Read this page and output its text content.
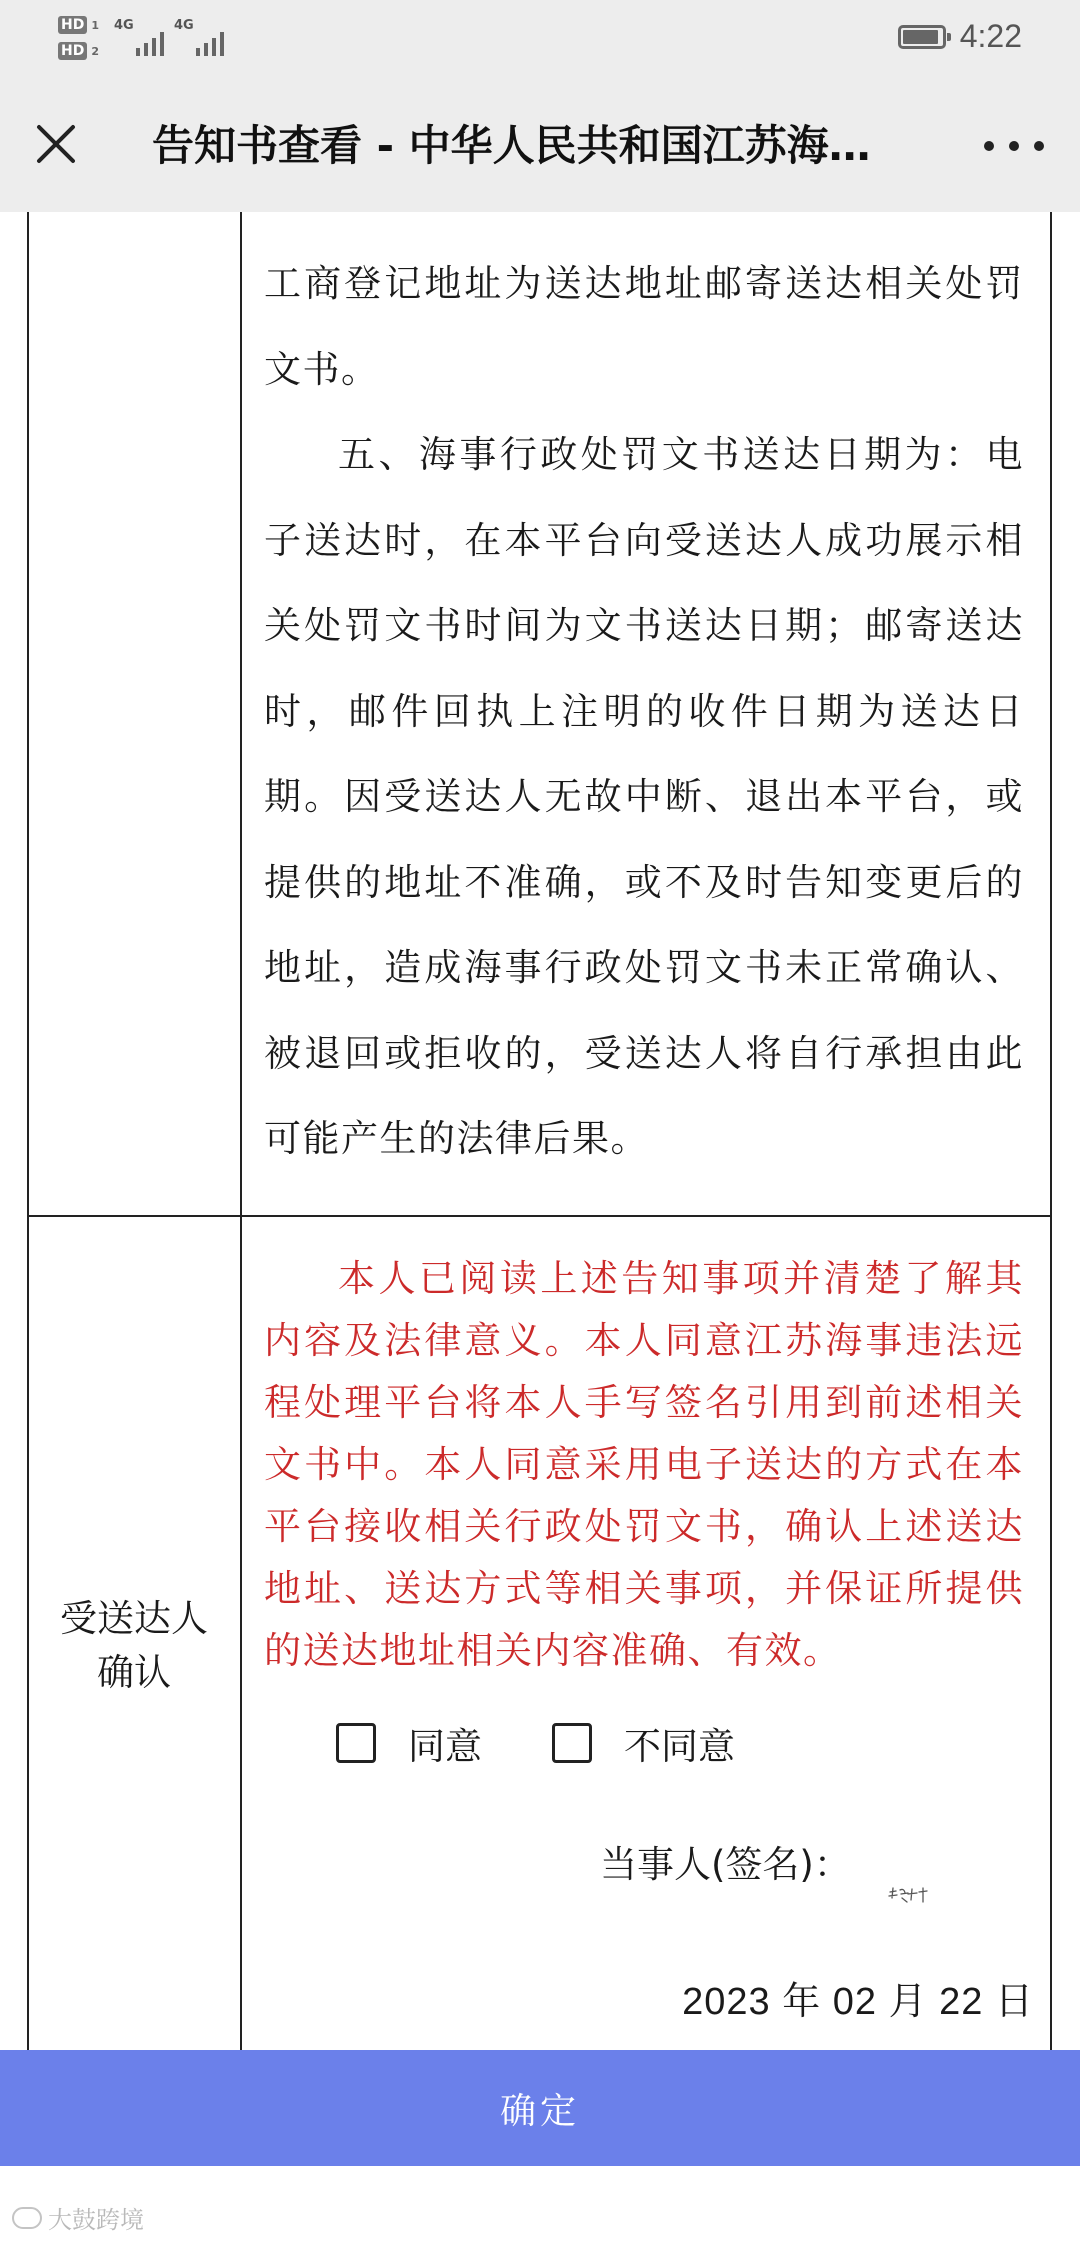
HD 1
HD 2
4G	4G	4:22
告知书查看 - 中华人民共和国江苏海…

工商登记地址为送达地址邮寄送达相关处罚文书。

五、海事行政处罚文书送达日期为：电子送达时，在本平台向受送达人成功展示相关处罚文书时间为文书送达日期；邮寄送达时，邮件回执上注明的收件日期为送达日期。因受送达人无故中断、退出本平台，或提供的地址不准确，或不及时告知变更后的地址，造成海事行政处罚文书未正常确认、被退回或拒收的，受送达人将自行承担由此可能产生的法律后果。

受送达人
确认

本人已阅读上述告知事项并清楚了解其内容及法律意义。本人同意江苏海事违法远程处理平台将本人手写签名引用到前述相关文书中。本人同意采用电子送达的方式在本平台接收相关行政处罚文书，确认上述送达地址、送达方式等相关事项，并保证所提供的送达地址相关内容准确、有效。

同意	不同意
当事人(签名)：
2023 年 02 月 22 日
确定
大鼓跨境
